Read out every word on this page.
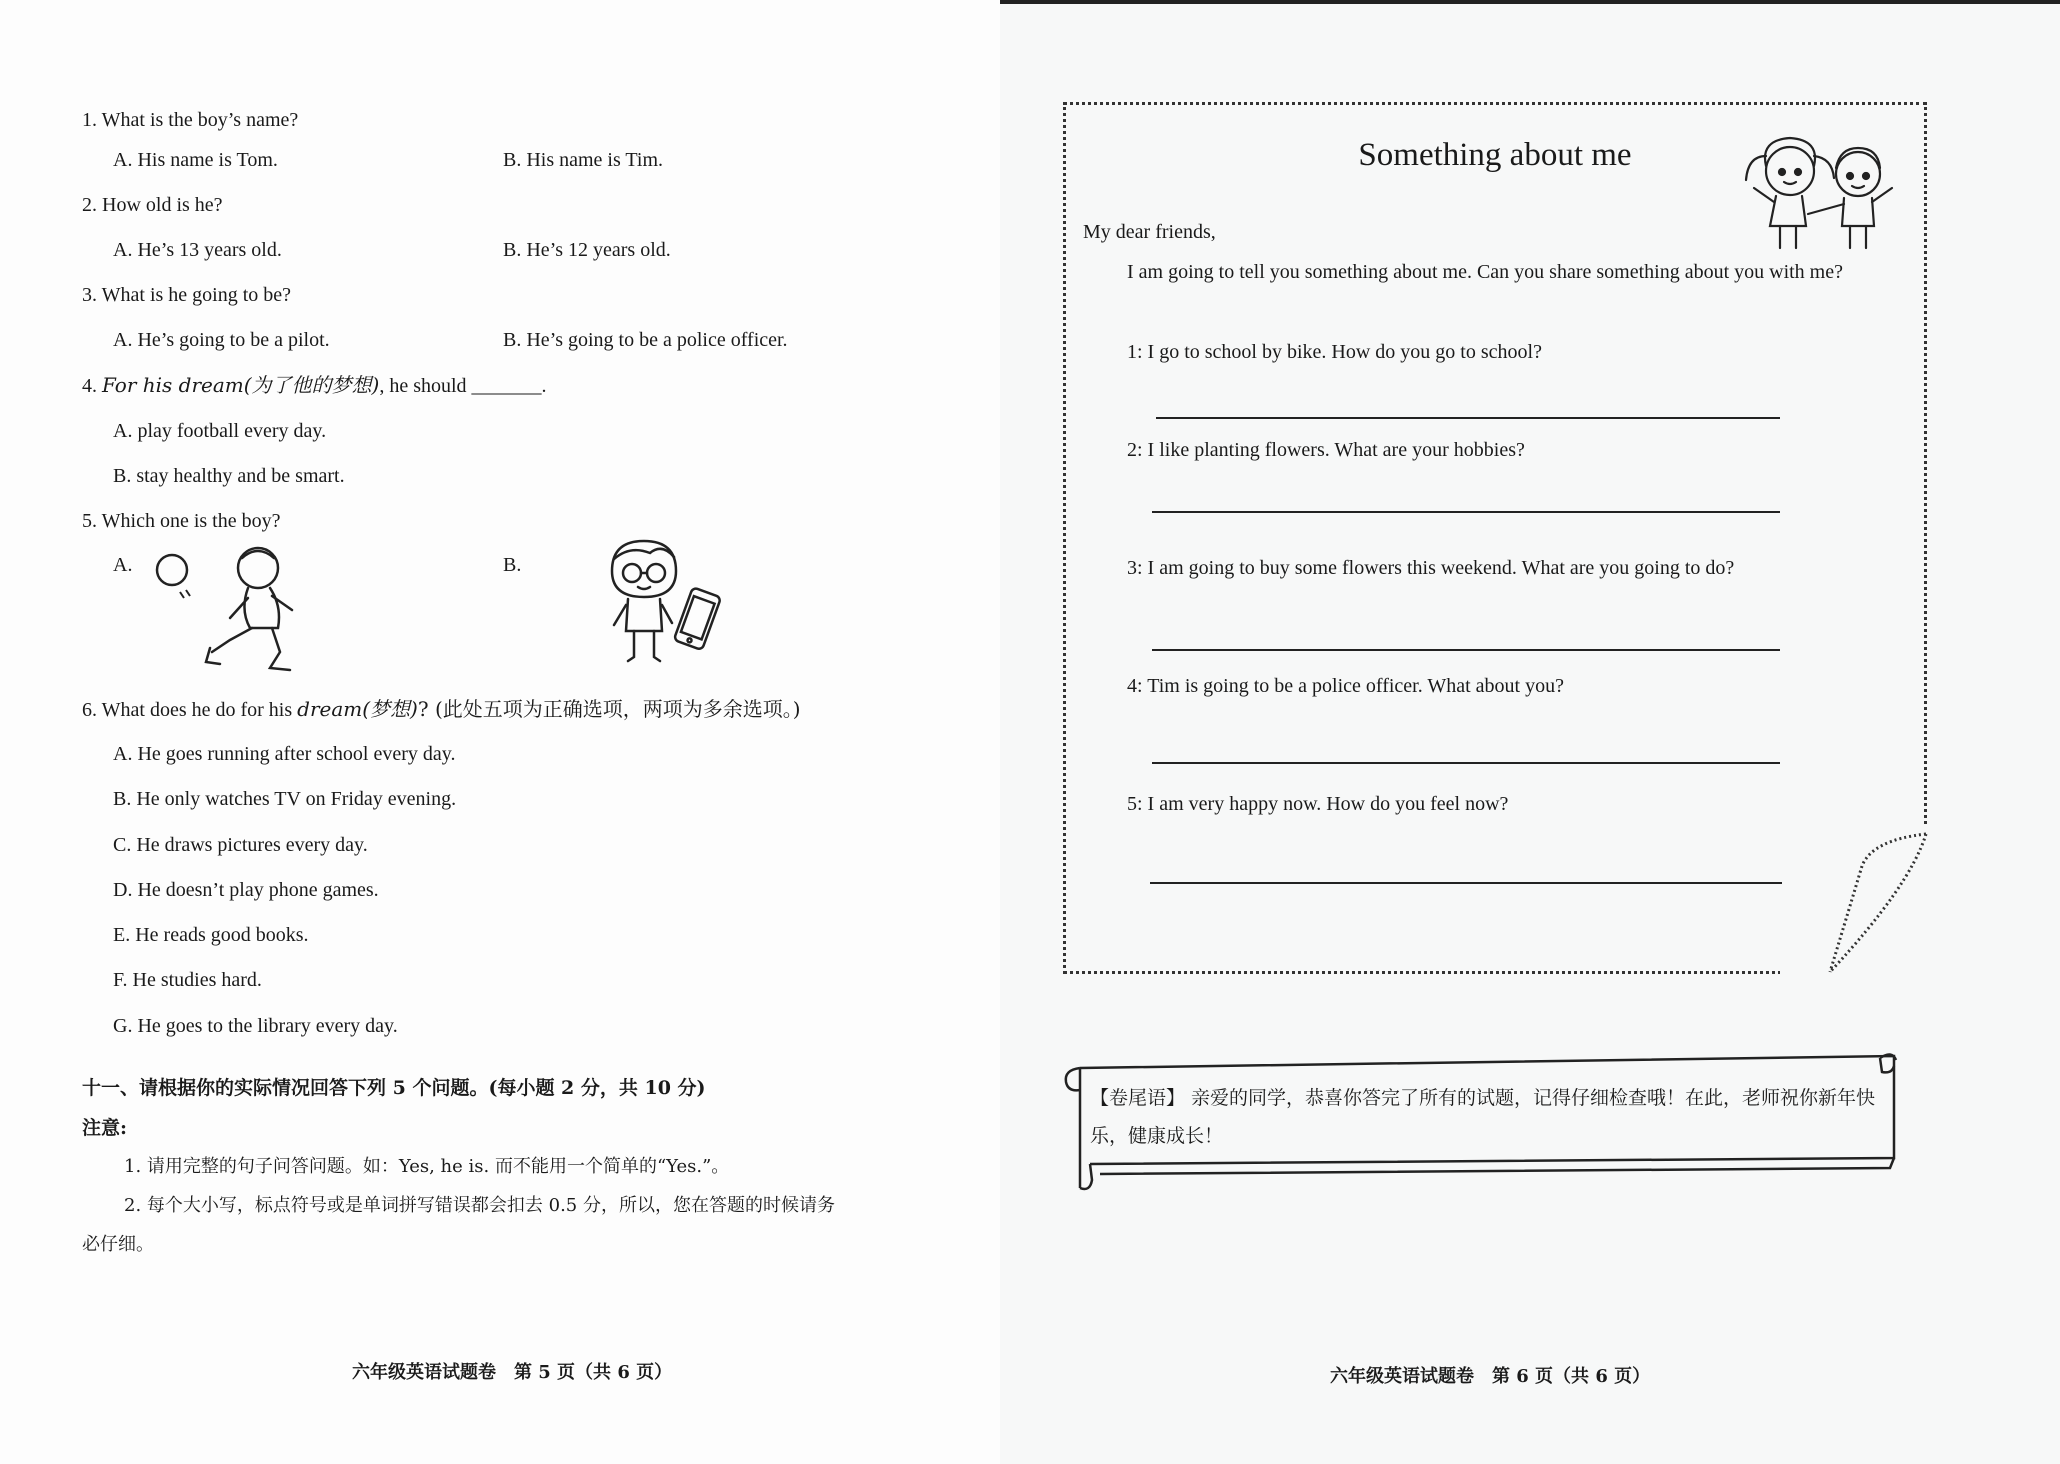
1. What is the boy’s name?
A. His name is Tom.	B. His name is Tim.
2. How old is he?
A. He’s 13 years old.	B. He’s 12 years old.
3. What is he going to be?
A. He’s going to be a pilot.	B. He’s going to be a police officer.
4. For his dream(为了他的梦想), he should _______.
A. play football every day.
B. stay healthy and be smart.
5. Which one is the boy?
A.	B.
6. What does he do for his dream(梦想)? (此处五项为正确选项，两项为多余选项。)
A. He goes running after school every day.
B. He only watches TV on Friday evening.
C. He draws pictures every day.
D. He doesn’t play phone games.
E. He reads good books.
F. He studies hard.
G. He goes to the library every day.
十一、请根据你的实际情况回答下列 5 个问题。(每小题 2 分，共 10 分)
注意:
1. 请用完整的句子问答问题。如：Yes, he is. 而不能用一个简单的“Yes.”。
2. 每个大小写，标点符号或是单词拼写错误都会扣去 0.5 分，所以，您在答题的时候请务
必仔细。
六年级英语试题卷　第 5 页（共 6 页）
Something about me
My dear friends,
I am going to tell you something about me. Can you share something about you with me?
1: I go to school by bike. How do you go to school?
2: I like planting flowers. What are your hobbies?
3: I am going to buy some flowers this weekend. What are you going to do?
4: Tim is going to be a police officer. What about you?
5: I am very happy now. How do you feel now?
【卷尾语】 亲爱的同学，恭喜你答完了所有的试题，记得仔细检查哦！在此，老师祝你新年快乐，健康成长！
六年级英语试题卷　第 6 页（共 6 页）
